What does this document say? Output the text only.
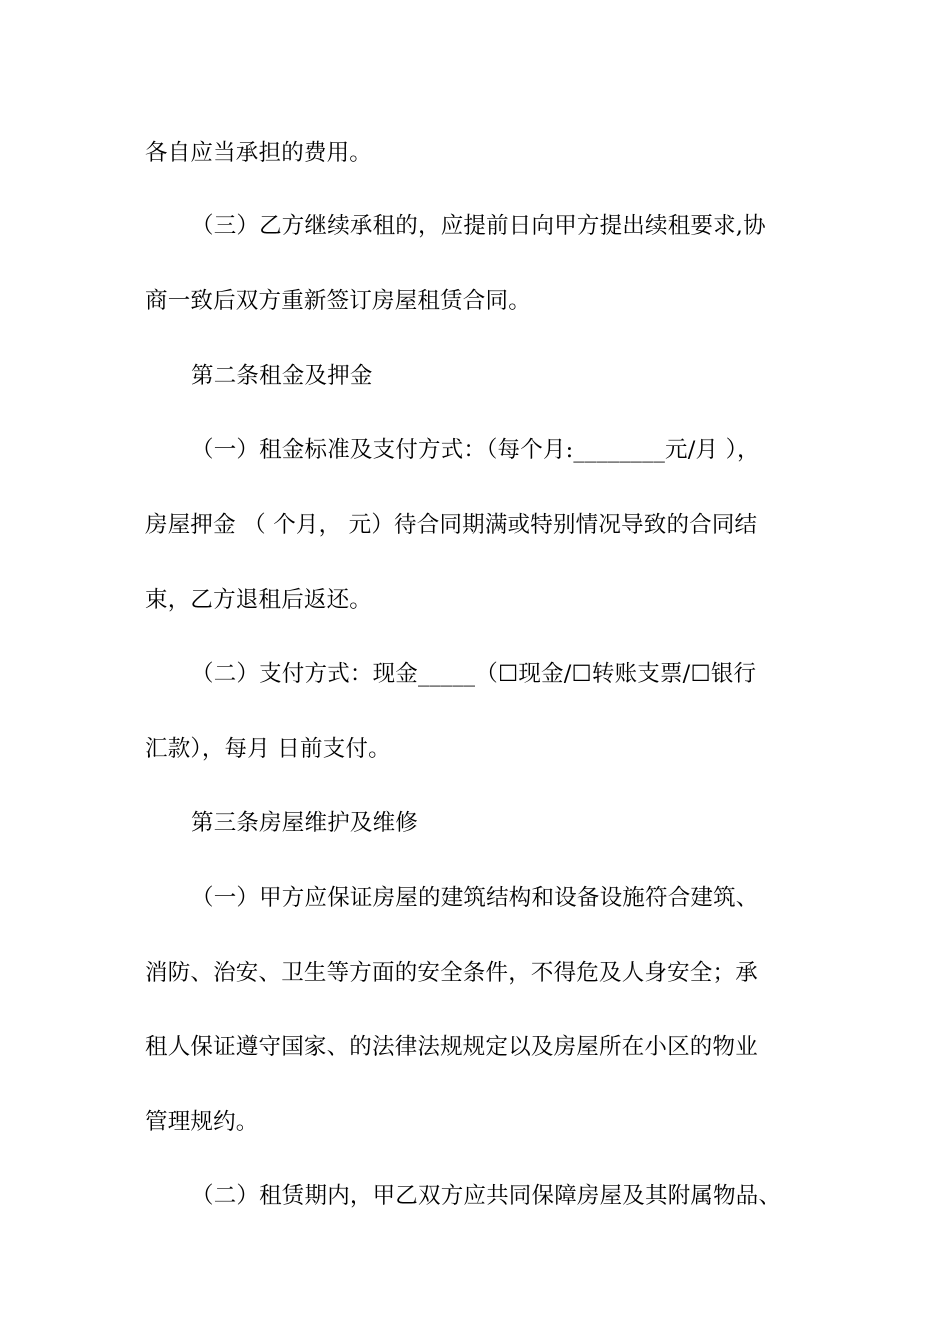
各自应当承担的费用。
（三）乙方继续承租的，应提前日向甲方提出续租要求,协
商一致后双方重新签订房屋租赁合同。
第二条租金及押金
（一）租金标准及支付方式：（每个月:________元/月 ），
房屋押金 （ 个月， 元）待合同期满或特别情况导致的合同结
束，乙方退租后返还。
（二）支付方式：现金_____（☐现金/☐转账支票/☐银行
汇款），每月 日前支付。
第三条房屋维护及维修
（一）甲方应保证房屋的建筑结构和设备设施符合建筑、
消防、治安、卫生等方面的安全条件，不得危及人身安全；承
租人保证遵守国家、的法律法规规定以及房屋所在小区的物业
管理规约。
（二）租赁期内，甲乙双方应共同保障房屋及其附属物品、
